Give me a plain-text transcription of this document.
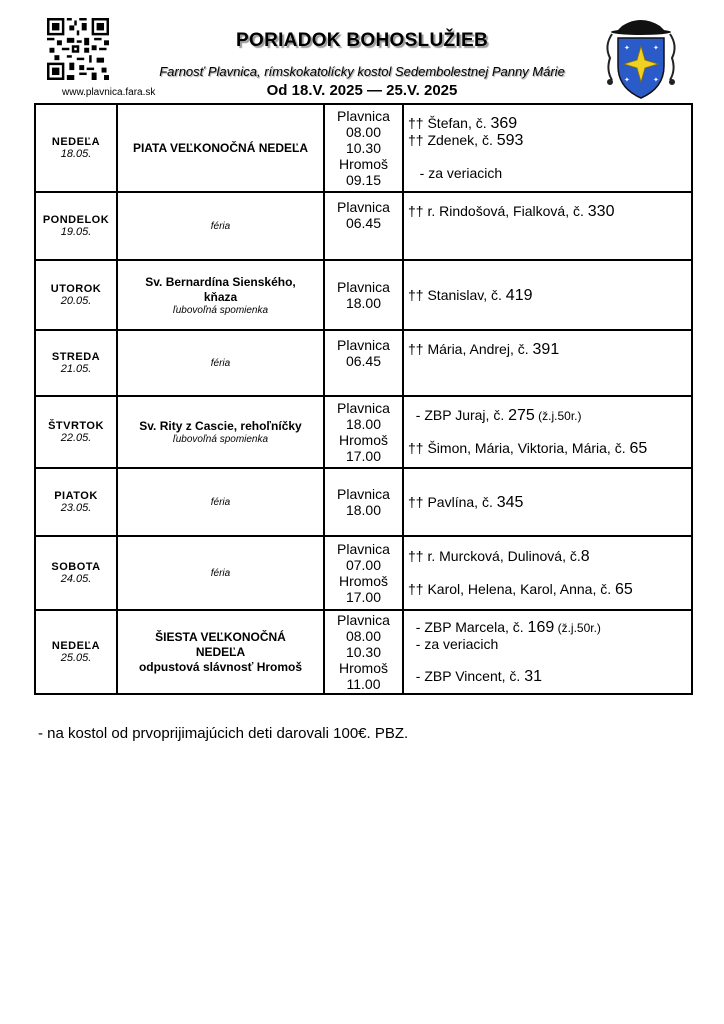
www.plavnica.fara.sk
PORIADOK BOHOSLUŽIEB
Farnosť Plavnica, rímskokatolícky kostol Sedembolestnej Panny Márie
Od 18.V. 2025 — 25.V. 2025
✦	✦
✦	✦
NEDEĽA
18.05.	PIATA VEĽKONOČNÁ NEDEĽA	Plavnica
08.00
10.30
Hromoš
09.15	†† Štefan, č. 369
†† Zdenek, č. 593

- za veriacich

PONDELOK
19.05.	féria	Plavnica
06.45	†† r. Rindošová, Fialková, č. 330

UTOROK
20.05.	Sv. Bernardína Sienského,
kňaza
ľubovoľná spomienka	Plavnica
18.00	†† Stanislav, č. 419

STREDA
21.05.	féria	Plavnica
06.45	†† Mária, Andrej, č. 391

ŠTVRTOK
22.05.	Sv. Rity z Cascie, rehoľníčky
ľubovoľná spomienka	Plavnica
18.00
Hromoš
17.00	- ZBP Juraj, č. 275 (ž.j.50r.)

†† Šimon, Mária, Viktoria, Mária, č. 65

PIATOK
23.05.	féria	Plavnica
18.00	†† Pavlína, č. 345

SOBOTA
24.05.	féria	Plavnica
07.00
Hromoš
17.00	†† r. Murcková, Dulinová, č.8

†† Karol, Helena, Karol, Anna, č. 65

NEDEĽA
25.05.	ŠIESTA VEĽKONOČNÁ
NEDEĽA
odpustová slávnosť Hromoš	Plavnica
08.00
10.30
Hromoš
11.00	- ZBP Marcela, č. 169 (ž.j.50r.)
- za veriacich

- ZBP Vincent, č. 31
- na kostol od prvoprijimajúcich deti darovali 100€. PBZ.
